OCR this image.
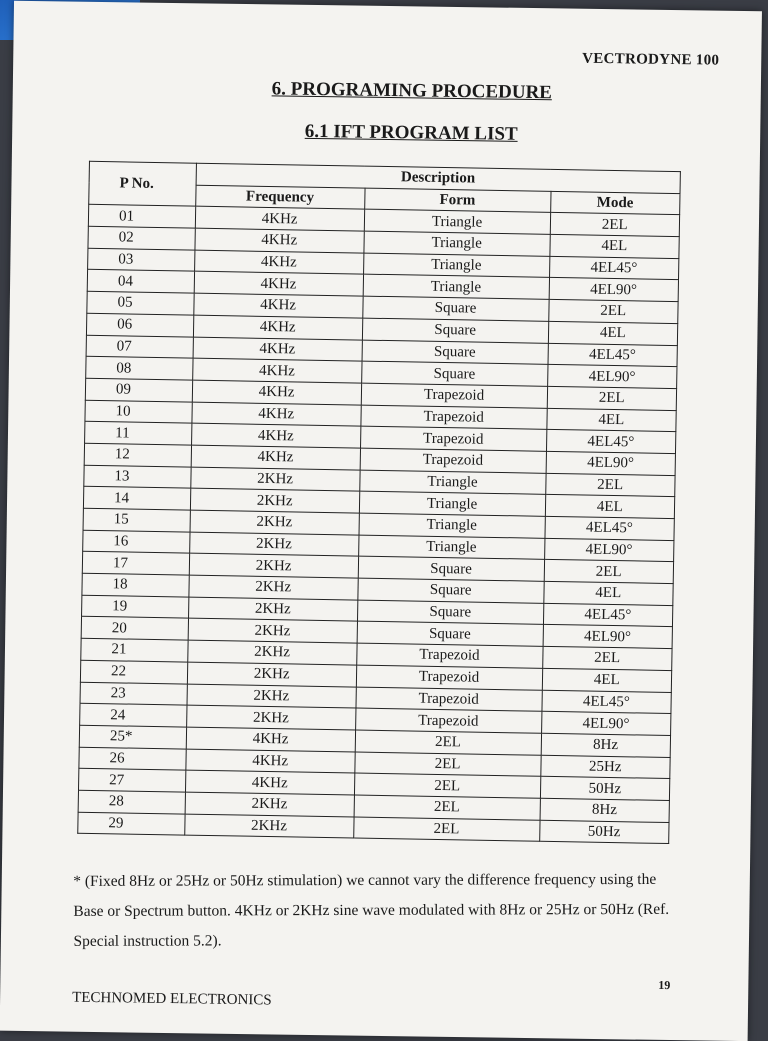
VECTRODYNE 100
6. PROGRAMING PROCEDURE
6.1 IFT PROGRAM LIST
P No.	Description		
	Frequency	Form	Mode
01	4KHz	Triangle	2EL
02	4KHz	Triangle	4EL
03	4KHz	Triangle	4EL45°
04	4KHz	Triangle	4EL90°
05	4KHz	Square	2EL
06	4KHz	Square	4EL
07	4KHz	Square	4EL45°
08	4KHz	Square	4EL90°
09	4KHz	Trapezoid	2EL
10	4KHz	Trapezoid	4EL
11	4KHz	Trapezoid	4EL45°
12	4KHz	Trapezoid	4EL90°
13	2KHz	Triangle	2EL
14	2KHz	Triangle	4EL
15	2KHz	Triangle	4EL45°
16	2KHz	Triangle	4EL90°
17	2KHz	Square	2EL
18	2KHz	Square	4EL
19	2KHz	Square	4EL45°
20	2KHz	Square	4EL90°
21	2KHz	Trapezoid	2EL
22	2KHz	Trapezoid	4EL
23	2KHz	Trapezoid	4EL45°
24	2KHz	Trapezoid	4EL90°
25*	4KHz	2EL	8Hz
26	4KHz	2EL	25Hz
27	4KHz	2EL	50Hz
28	2KHz	2EL	8Hz
29	2KHz	2EL	50Hz
* (Fixed 8Hz or 25Hz or 50Hz stimulation) we cannot vary the difference frequency using the Base or Spectrum button. 4KHz or 2KHz sine wave modulated with 8Hz or 25Hz or 50Hz (Ref. Special instruction 5.2).
TECHNOMED ELECTRONICS
19
